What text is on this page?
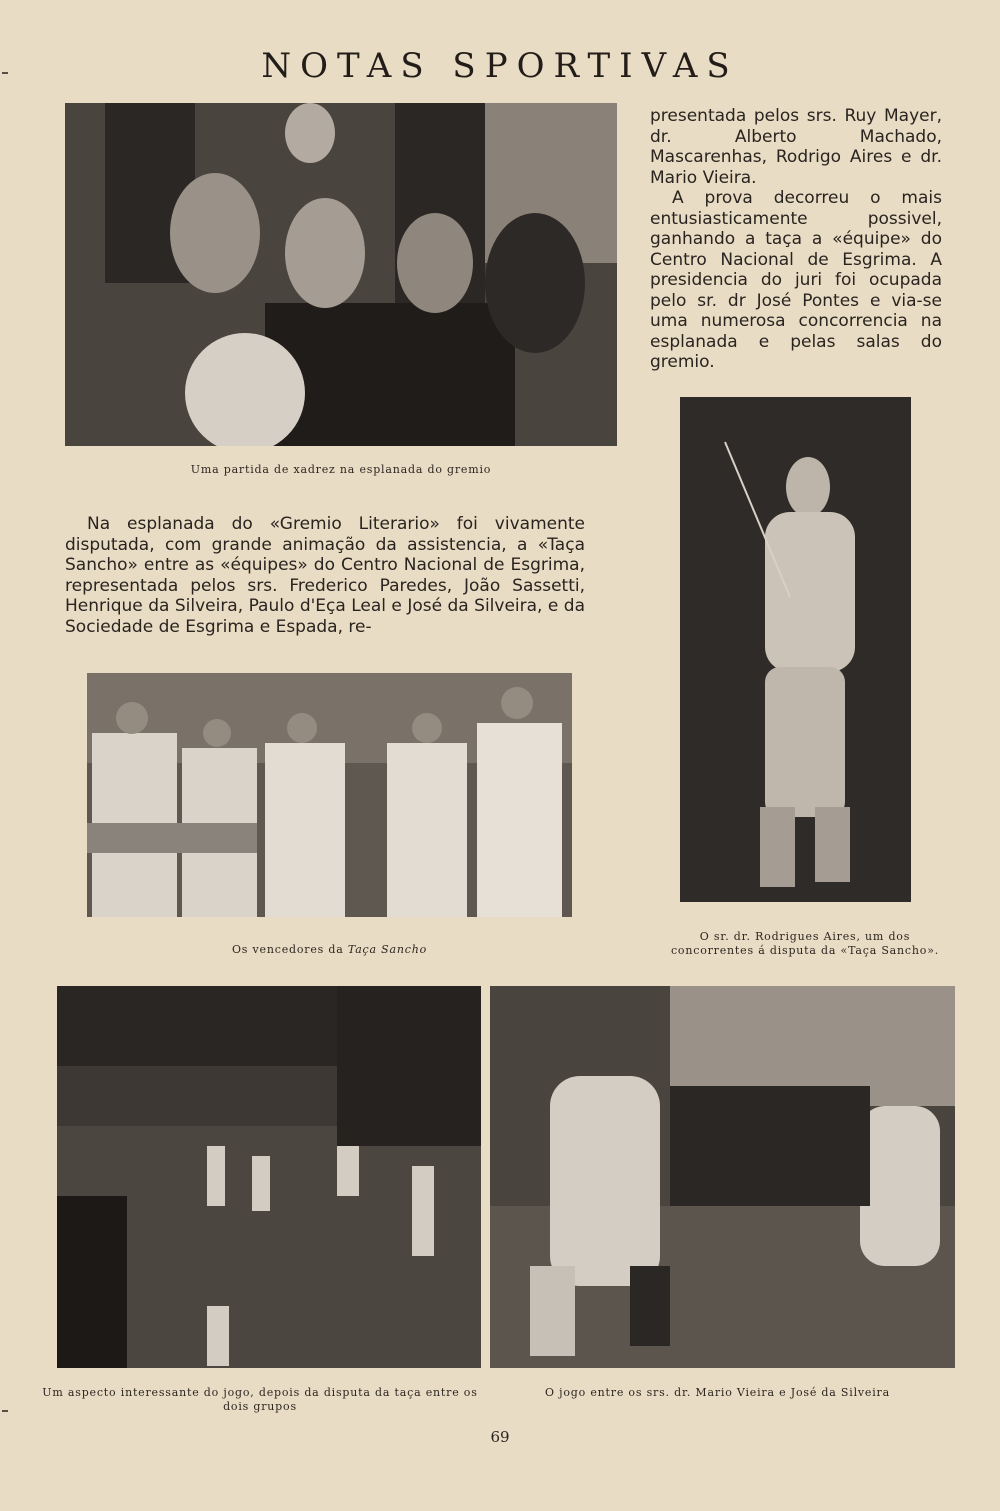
NOTAS SPORTIVAS
Uma partida de xadrez na esplanada do gremio

Na esplanada do «Gremio Literario» foi vivamente disputada, com grande animação da assistencia, a «Taça Sancho» entre as «équipes» do Centro Nacional de Esgrima, representada pelos srs. Frederico Paredes, João Sassetti, Henrique da Silveira, Paulo d'Eça Leal e José da Silveira, e da Sociedade de Esgrima e Espada, re-

presentada pelos srs. Ruy Mayer, dr. Alberto Machado, Mascarenhas, Rodrigo Aires e dr. Mario Vieira.

A prova decorreu o mais entusiasticamente possivel, ganhando a taça a «équipe» do Centro Nacional de Esgrima. A presidencia do juri foi ocupada pelo sr. dr José Pontes e via-se uma numerosa concorrencia na esplanada e pelas salas do gremio.

O sr. dr. Rodrigues Aires, um dos concorrentes á disputa da «Taça Sancho».
Os vencedores da Taça Sancho
Um aspecto interessante do jogo, depois da disputa da taça entre os dois grupos
O jogo entre os srs. dr. Mario Vieira e José da Silveira
69
